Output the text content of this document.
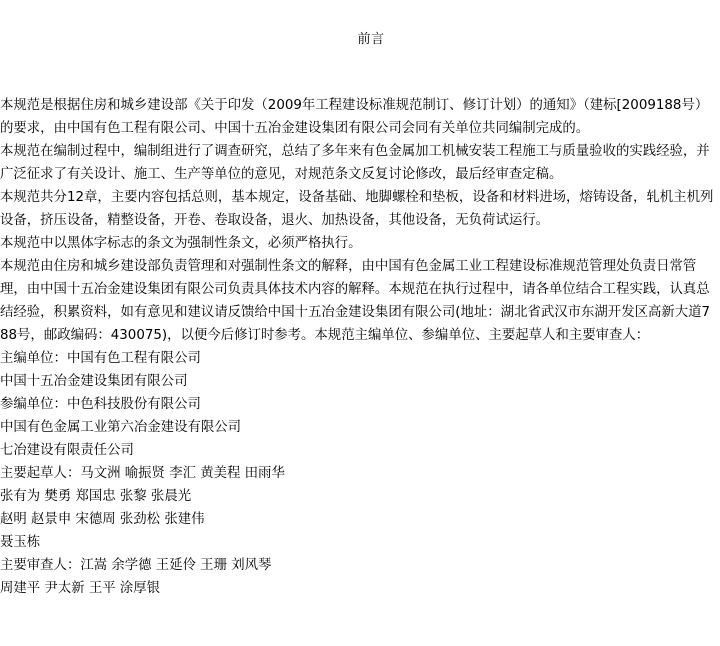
前言

本规范是根据住房和城乡建设部《关于印发（2009年工程建设标准规范制订、修订计划）的通知》（建标[2009188号）的要求，由中国有色工程有限公司、中国十五冶金建设集团有限公司会同有关单位共同编制完成的。

本规范在编制过程中，编制组进行了调查研究，总结了多年来有色金属加工机械安装工程施工与质量验收的实践经验，并广泛征求了有关设计、施工、生产等单位的意见，对规范条文反复讨论修改，最后经审查定稿。

本规范共分12章，主要内容包括总则，基本规定，设备基础、地脚螺栓和垫板，设备和材料进场，熔铸设备，轧机主机列设备，挤压设备，精整设备，开卷、卷取设备，退火、加热设备，其他设备，无负荷试运行。

本规范中以黑体字标志的条文为强制性条文，必须严格执行。

本规范由住房和城乡建设部负责管理和对强制性条文的解释，由中国有色金属工业工程建设标准规范管理处负责日常管理，由中国十五冶金建设集团有限公司负责具体技术内容的解释。本规范在执行过程中，请各单位结合工程实践，认真总结经验，积累资料，如有意见和建议请反馈给中国十五冶金建设集团有限公司(地址：湖北省武汉市东湖开发区高新大道788号，邮政编码：430075)，以便今后修订时参考。本规范主编单位、参编单位、主要起草人和主要审查人：

主编单位：中国有色工程有限公司

中国十五冶金建设集团有限公司

参编单位：中色科技股份有限公司

中国有色金属工业第六冶金建设有限公司

七冶建设有限责任公司

主要起草人：马文洲 喻振贤 李汇 黄美程 田雨华

张有为 樊勇 郑国忠 张黎 张晨光

赵明 赵景申 宋德周 张劲松 张建伟

聂玉栋

主要审查人：江嵩 余学德 王延伶 王珊 刘风琴

周建平 尹太新 王平 涂厚银
